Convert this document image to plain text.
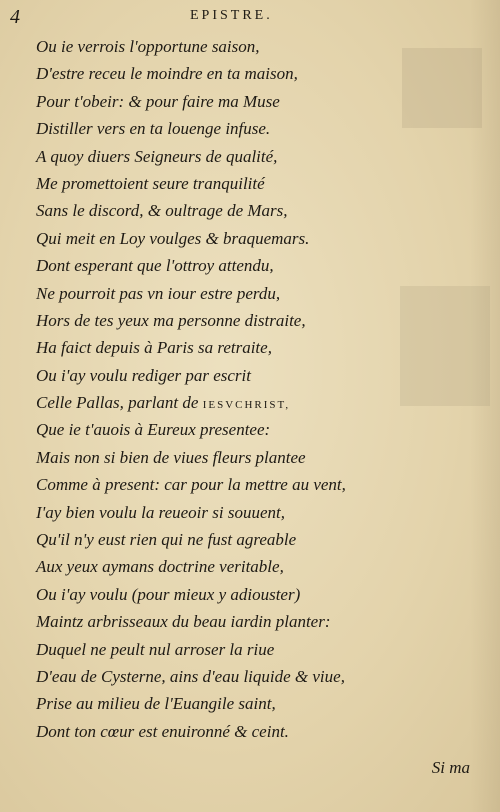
4	EPISTRE.
Ou ie verrois l'opportune saison,
D'estre receu le moindre en ta maison,
Pour t'obeir: & pour faire ma Muse
Distiller vers en ta louenge infuse.
A quoy diuers Seigneurs de qualité,
Me promettoient seure tranquilité
Sans le discord, & oultrage de Mars,
Qui meit en Loy voulges & braquemars.
Dont esperant que l'ottroy attendu,
Ne pourroit pas vn iour estre perdu,
Hors de tes yeux ma personne distraite,
Ha faict depuis à Paris sa retraite,
Ou i'ay voulu rediger par escrit
Celle Pallas, parlant de IESVCHRIST,
Que ie t'auois à Eureux presentee:
Mais non si bien de viues fleurs plantee
Comme à present: car pour la mettre au vent,
I'ay bien voulu la reueoir si souuent,
Qu'il n'y eust rien qui ne fust agreable
Aux yeux aymans doctrine veritable,
Ou i'ay voulu (pour mieux y adiouster)
Maintz arbrisseaux du beau iardin planter:
Duquel ne peult nul arroser la riue
D'eau de Cysterne, ains d'eau liquide & viue,
Prise au milieu de l'Euangile saint,
Dont ton cœur est enuironné & ceint.
Si ma
